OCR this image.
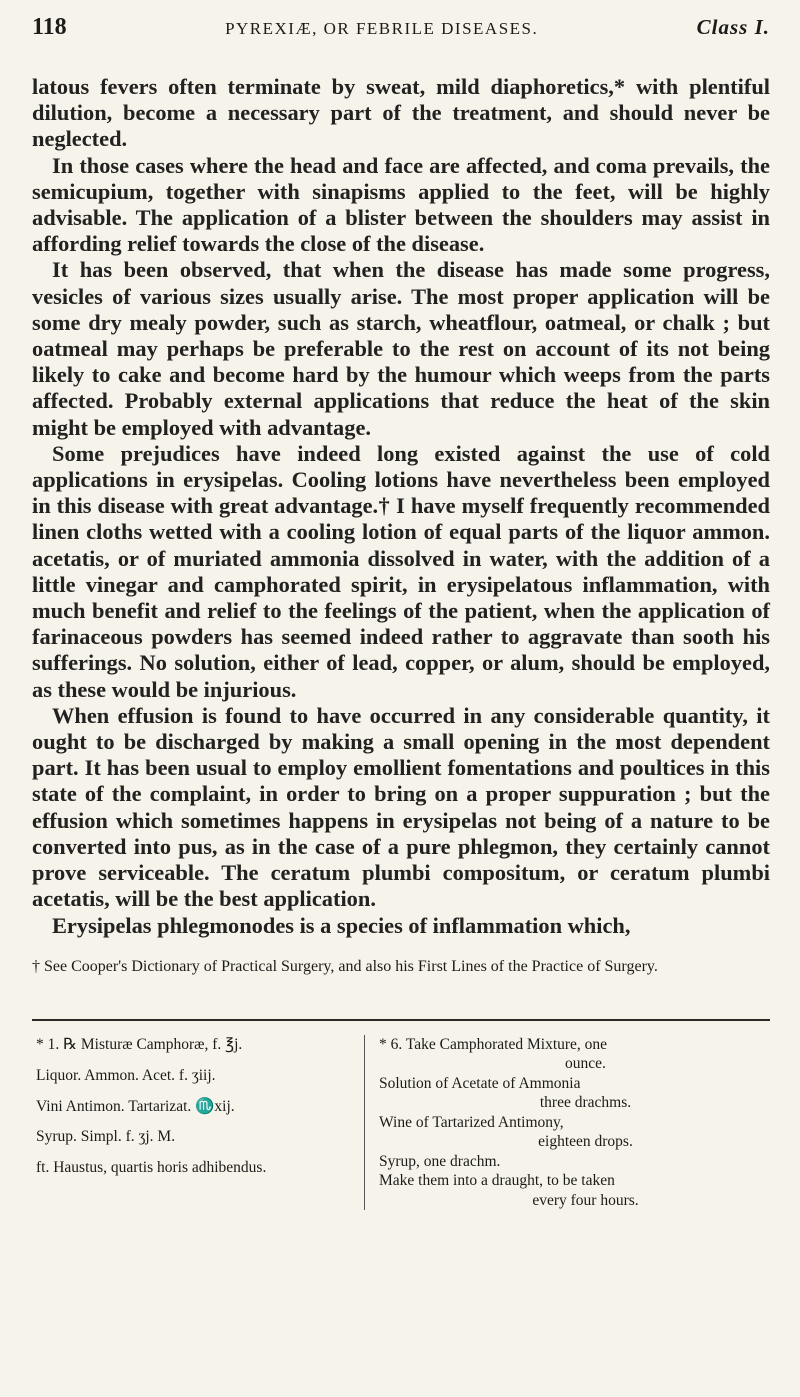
118	PYREXIÆ, OR FEBRILE DISEASES.	Class I.

latous fevers often terminate by sweat, mild diaphoretics,* with plentiful dilution, become a necessary part of the treatment, and should never be neglected.

In those cases where the head and face are affected, and coma prevails, the semicupium, together with sinapisms applied to the feet, will be highly advisable. The application of a blister between the shoulders may assist in affording relief towards the close of the disease.

It has been observed, that when the disease has made some progress, vesicles of various sizes usually arise. The most proper application will be some dry mealy powder, such as starch, wheatflour, oatmeal, or chalk ; but oatmeal may perhaps be preferable to the rest on account of its not being likely to cake and become hard by the humour which weeps from the parts affected. Probably external applications that reduce the heat of the skin might be employed with advantage.

Some prejudices have indeed long existed against the use of cold applications in erysipelas. Cooling lotions have nevertheless been employed in this disease with great advantage.† I have myself frequently recommended linen cloths wetted with a cooling lotion of equal parts of the liquor ammon. acetatis, or of muriated ammonia dissolved in water, with the addition of a little vinegar and camphorated spirit, in erysipelatous inflammation, with much benefit and relief to the feelings of the patient, when the application of farinaceous powders has seemed indeed rather to aggravate than sooth his sufferings. No solution, either of lead, copper, or alum, should be employed, as these would be injurious.

When effusion is found to have occurred in any considerable quantity, it ought to be discharged by making a small opening in the most dependent part. It has been usual to employ emollient fomentations and poultices in this state of the complaint, in order to bring on a proper suppuration ; but the effusion which sometimes happens in erysipelas not being of a nature to be converted into pus, as in the case of a pure phlegmon, they certainly cannot prove serviceable. The ceratum plumbi compositum, or ceratum plumbi acetatis, will be the best application.

Erysipelas phlegmonodes is a species of inflammation which,

† See Cooper's Dictionary of Practical Surgery, and also his First Lines of the Practice of Surgery.
* 1. ℞ Misturæ Camphoræ, f. ℥j.
Liquor. Ammon. Acet. f. ʒiij.
Vini Antimon. Tartarizat. ♏xij.
Syrup. Simpl. f. ʒj. M.
ft. Haustus, quartis horis adhibendus.
* 6. Take Camphorated Mixture, one
ounce.
Solution of Acetate of Ammonia
three drachms.
Wine of Tartarized Antimony,
eighteen drops.
Syrup, one drachm.
Make them into a draught, to be taken
every four hours.
